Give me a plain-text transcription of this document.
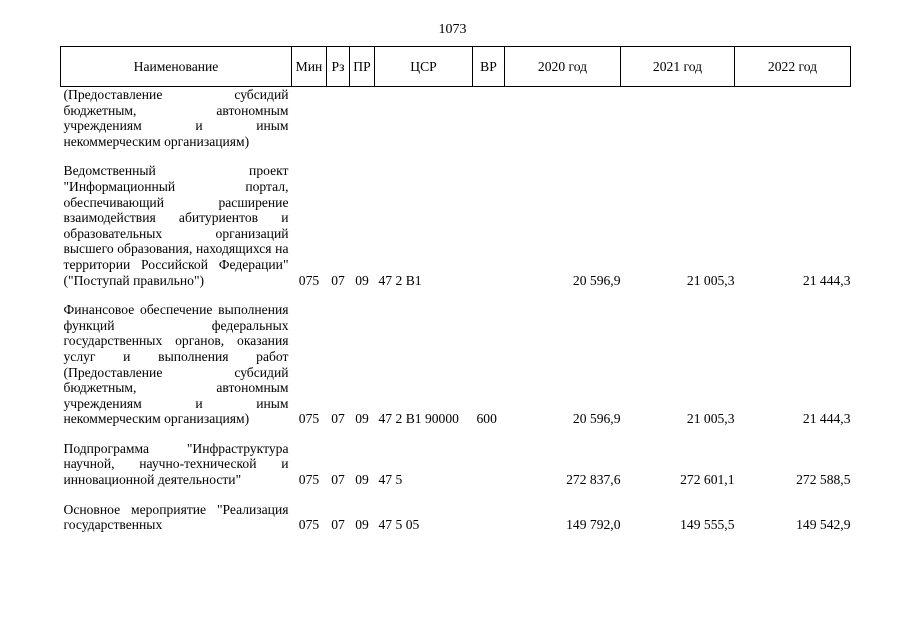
1073
Наименование	Мин	Рз	ПР	ЦСР	ВР	2020 год	2021 год	2022 год
(Предоставление субсидий бюджетным, автономным учреждениям и иным некоммерческим организациям)								

Ведомственный проект "Информационный портал, обеспечивающий расширение взаимодействия абитуриентов и образовательных организаций высшего образования, находящихся на территории Российской Федерации" ("Поступай правильно")	075	07	09	47 2 B1		20 596,9	21 005,3	21 444,3

Финансовое обеспечение выполнения функций федеральных государственных органов, оказания услуг и выполнения работ (Предоставление субсидий бюджетным, автономным учреждениям и иным некоммерческим организациям)	075	07	09	47 2 B1 90000	600	20 596,9	21 005,3	21 444,3

Подпрограмма "Инфраструктура научной, научно-технической и инновационной деятельности"	075	07	09	47 5		272 837,6	272 601,1	272 588,5

Основное мероприятие "Реализация государственных	075	07	09	47 5 05		149 792,0	149 555,5	149 542,9
